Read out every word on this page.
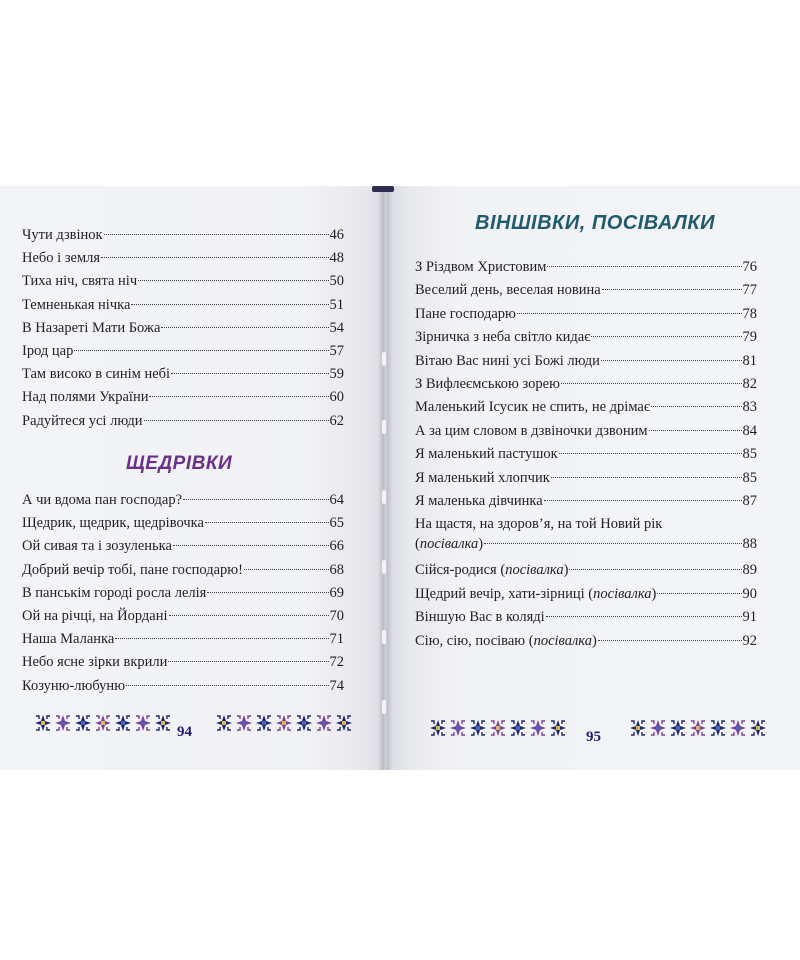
Чути дзвінок	46
Небо і земля	48
Тиха ніч, свята ніч	50
Темненькая нічка	51
В Назареті Мати Божа	54
Ірод цар	57
Там високо в синім небі	59
Над полями України	60
Радуйтеся усі люди	62
ЩЕДРІВКИ
А чи вдома пан господар?	64
Щедрик, щедрик, щедрівочка	65
Ой сивая та і зозуленька	66
Добрий вечір тобі, пане господарю!	68
В панськім городі росла лелія	69
Ой на річці, на Йордані	70
Наша Маланка	71
Небо ясне зірки вкрили	72
Козуню-любуню	74
94
ВІНШІВКИ, ПОСІВАЛКИ
З Різдвом Христовим	76
Веселий день, веселая новина	77
Пане господарю	78
Зірничка з неба світло кидає	79
Вітаю Вас нині усі Божі люди	81
З Вифлеємською зорею	82
Маленький Ісусик не спить, не дрімає	83
А за цим словом в дзвіночки дзвоним	84
Я маленький пастушок	85
Я маленький хлопчик	85
Я маленька дівчинка	87
На щастя, на здоров’я, на той Новий рік
(посівалка)	88
Сійся-родися (посівалка)	89
Щедрий вечір, хати-зірниці (посівалка)	90
Віншую Вас в коляді	91
Сію, сію, посіваю (посівалка)	92
95
